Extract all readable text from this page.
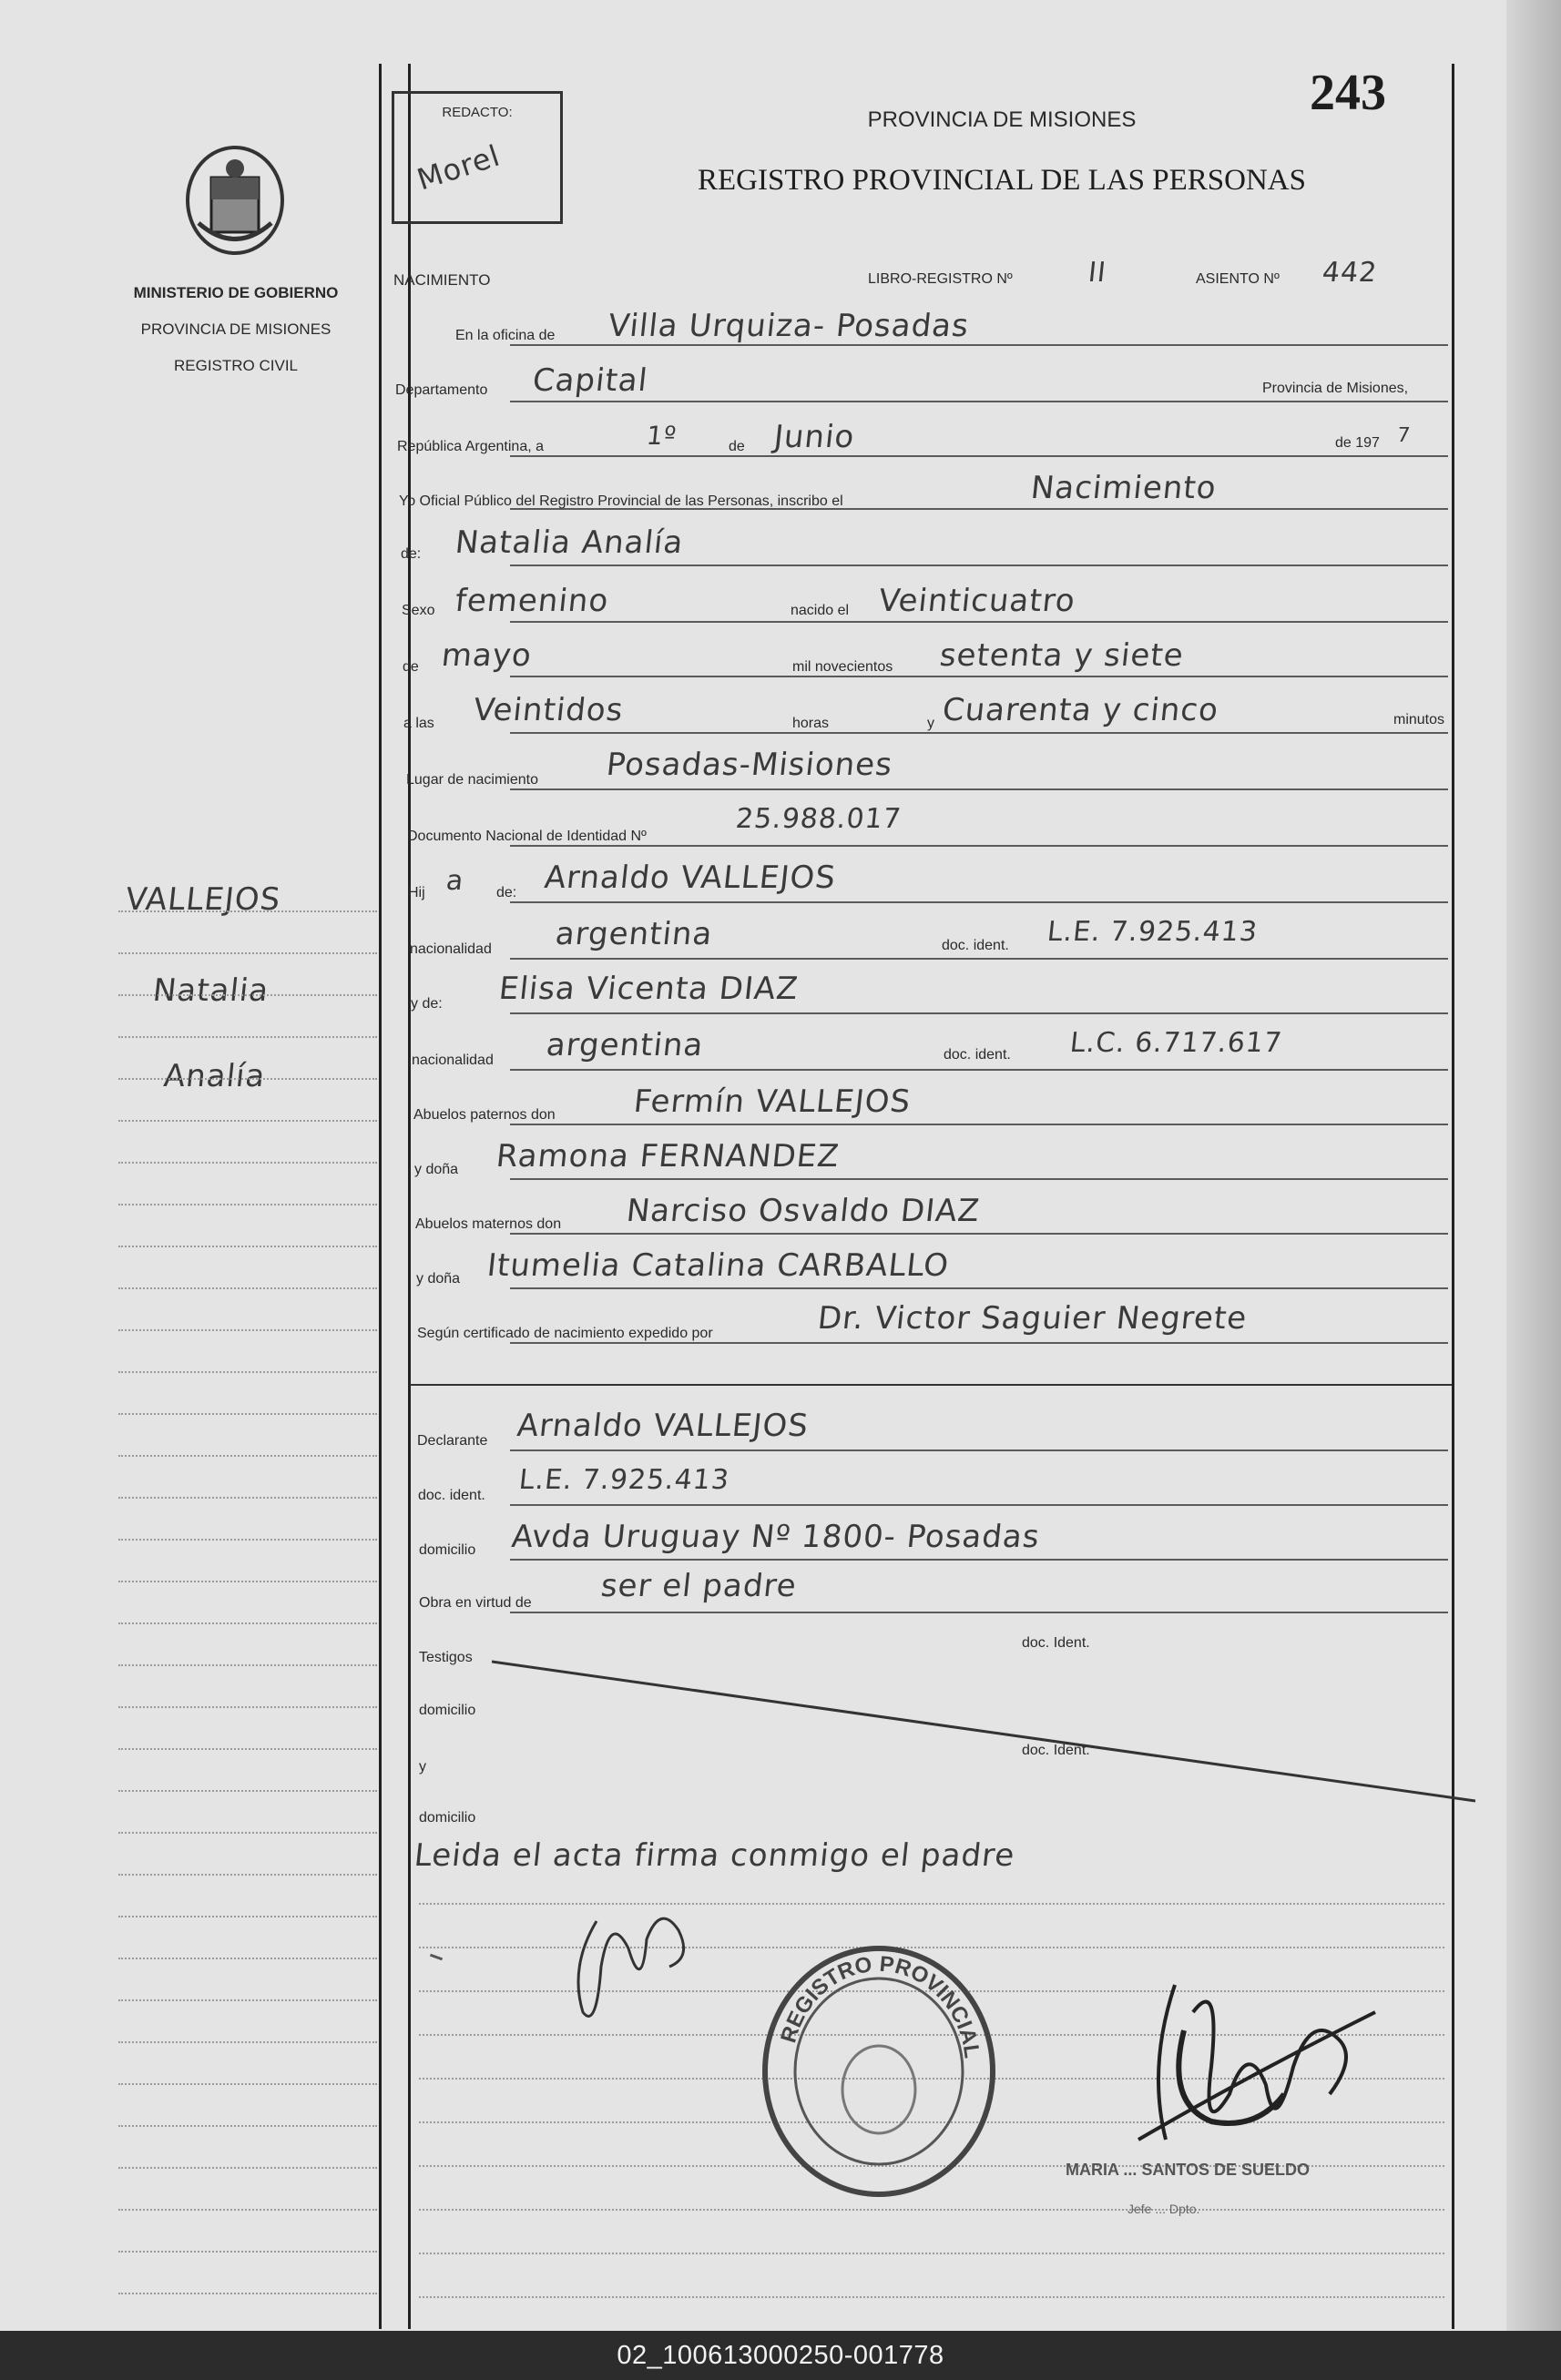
MINISTERIO DE GOBIERNO
PROVINCIA DE MISIONES
REGISTRO CIVIL
VALLEJOS
Natalia
Analía
REDACTO:
Morel
PROVINCIA DE MISIONES
REGISTRO PROVINCIAL DE LAS PERSONAS
243
NACIMIENTO	LIBRO-REGISTRO Nº	II	ASIENTO Nº 442
En la oficina de Villa Urquiza- Posadas
Departamento Capital	Provincia de Misiones,
República Argentina, a	1º	de Junio	de 197 7
Yo Oficial Público del Registro Provincial de las Personas, inscribo el	Nacimiento
de: Natalia Analía
Sexo femenino	nacido el Veinticuatro
de mayo	mil novecientos setenta y siete
a las Veintidos	horas	y Cuarenta y cinco	minutos
Lugar de nacimiento Posadas-Misiones
Documento Nacional de Identidad Nº
25.988.017
Hij a de: Arnaldo VALLEJOS
nacionalidad argentina	doc. ident. L.E. 7.925.413
y de: Elisa Vicenta DIAZ
nacionalidad argentina	doc. ident. L.C. 6.717.617
Abuelos paternos don Fermín VALLEJOS
y doña Ramona FERNANDEZ
Abuelos maternos don Narciso Osvaldo DIAZ
y doña Itumelia Catalina CARBALLO
Según certificado de nacimiento expedido por	Dr. Victor Saguier Negrete
Declarante Arnaldo VALLEJOS
doc. ident. L.E. 7.925.413
domicilio Avda Uruguay Nº 1800- Posadas
Obra en virtud de ser el padre
Testigos
doc. Ident.
domicilio
y
doc. Ident.
domicilio
Leida el acta firma conmigo el padre
REGISTRO PROVINCIAL
MARIA ... SANTOS DE SUELDO
Jefe ... Dpto.
02_100613000250-001778
